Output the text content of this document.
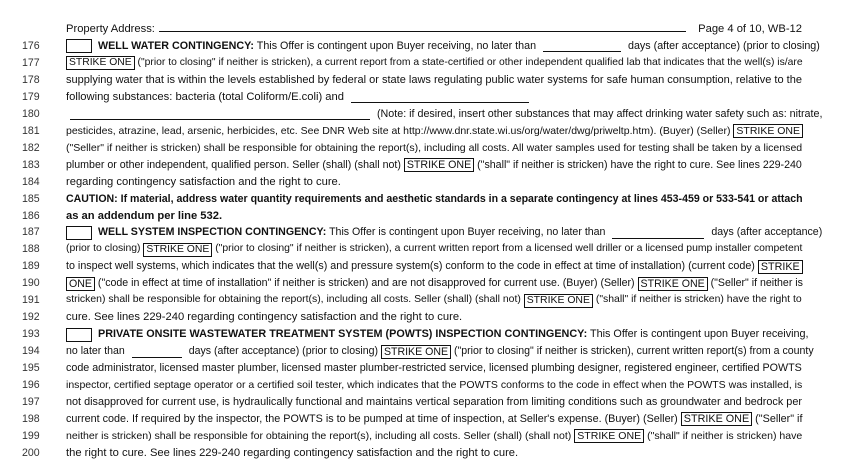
Property Address:	Page 4 of 10, WB-12
176	WELL WATER CONTINGENCY: This Offer is contingent upon Buyer receiving, no later than	days (after acceptance) (prior to closing)
177	STRIKE ONE ("prior to closing" if neither is stricken), a current report from a state-certified or other independent qualified lab that indicates that the well(s) is/are
178	supplying water that is within the levels established by federal or state laws regulating public water systems for safe human consumption, relative to the
179	following substances: bacteria (total Coliform/E.coli) and
180	(Note: if desired, insert other substances that may affect drinking water safety such as: nitrate,
181	pesticides, atrazine, lead, arsenic, herbicides, etc. See DNR Web site at http://www.dnr.state.wi.us/org/water/dwg/priweltp.htm). (Buyer) (Seller) STRIKE ONE
182	("Seller" if neither is stricken) shall be responsible for obtaining the report(s), including all costs. All water samples used for testing shall be taken by a licensed
183	plumber or other independent, qualified person. Seller (shall) (shall not) STRIKE ONE ("shall" if neither is stricken) have the right to cure. See lines 229-240
184	regarding contingency satisfaction and the right to cure.
185	CAUTION: If material, address water quantity requirements and aesthetic standards in a separate contingency at lines 453-459 or 533-541 or attach
186	as an addendum per line 532.
187	WELL SYSTEM INSPECTION CONTINGENCY: This Offer is contingent upon Buyer receiving, no later than	days (after acceptance)
188	(prior to closing) STRIKE ONE ("prior to closing" if neither is stricken), a current written report from a licensed well driller or a licensed pump installer competent
189	to inspect well systems, which indicates that the well(s) and pressure system(s) conform to the code in effect at time of installation) (current code) STRIKE
190	ONE ("code in effect at time of installation" if neither is stricken) and are not disapproved for current use. (Buyer) (Seller) STRIKE ONE ("Seller" if neither is
191	stricken) shall be responsible for obtaining the report(s), including all costs. Seller (shall) (shall not) STRIKE ONE ("shall" if neither is stricken) have the right to
192	cure. See lines 229-240 regarding contingency satisfaction and the right to cure.
193	PRIVATE ONSITE WASTEWATER TREATMENT SYSTEM (POWTS) INSPECTION CONTINGENCY: This Offer is contingent upon Buyer receiving,
194	no later than	days (after acceptance) (prior to closing) STRIKE ONE ("prior to closing" if neither is stricken), current written report(s) from a county
195	code administrator, licensed master plumber, licensed master plumber-restricted service, licensed plumbing designer, registered engineer, certified POWTS
196	inspector, certified septage operator or a certified soil tester, which indicates that the POWTS conforms to the code in effect when the POWTS was installed, is
197	not disapproved for current use, is hydraulically functional and maintains vertical separation from limiting conditions such as groundwater and bedrock per
198	current code. If required by the inspector, the POWTS is to be pumped at time of inspection, at Seller's expense. (Buyer) (Seller) STRIKE ONE ("Seller" if
199	neither is stricken) shall be responsible for obtaining the report(s), including all costs. Seller (shall) (shall not) STRIKE ONE ("shall" if neither is stricken) have
200	the right to cure. See lines 229-240 regarding contingency satisfaction and the right to cure.
